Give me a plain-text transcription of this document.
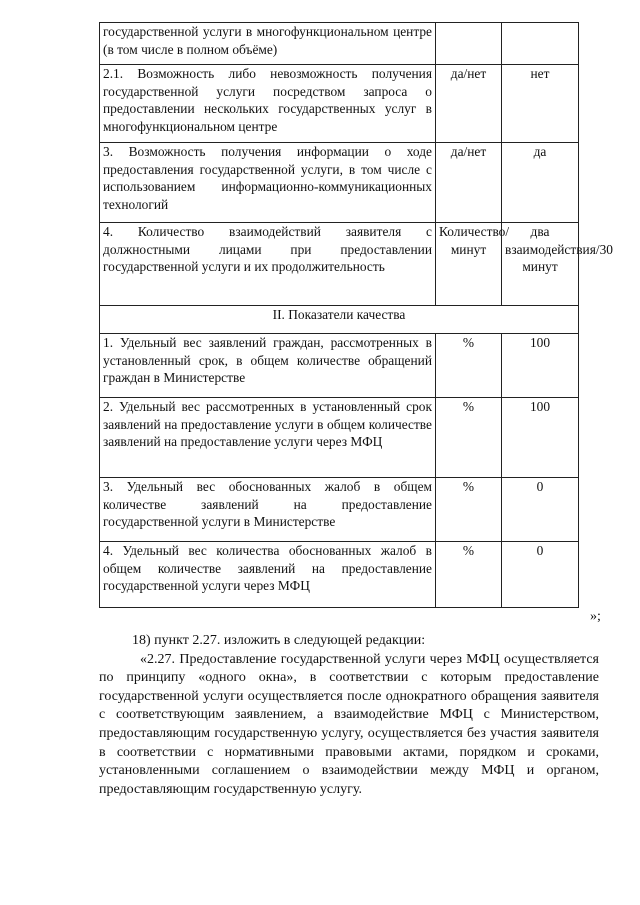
государственной услуги в многофункциональном центре (в том числе в полном объёме)		
2.1. Возможность либо невозможность получения государственной услуги посредством запроса о предоставлении нескольких государственных услуг в многофункциональном центре	да/нет	нет
3. Возможность получения информации о ходе предоставления государственной услуги, в том числе с использованием информационно-коммуникационных технологий	да/нет	да
4. Количество взаимодействий заявителя с должностными лицами при предоставлении государственной услуги и их продолжительность	Количество/минут	два взаимодействия/30 минут
II. Показатели качества		
1. Удельный вес заявлений граждан, рассмотренных в установленный срок, в общем количестве обращений граждан в Министерстве	%	100
2. Удельный вес рассмотренных в установленный срок заявлений на предоставление услуги в общем количестве заявлений на предоставление услуги через МФЦ	%	100
3. Удельный вес обоснованных жалоб в общем количестве заявлений на предоставление государственной услуги в Министерстве	%	0
4. Удельный вес количества обоснованных жалоб в общем количестве заявлений на предоставление государственной услуги через МФЦ	%	0
»;

18) пункт 2.27. изложить в следующей редакции:

«2.27. Предоставление государственной услуги через МФЦ осуществляется по принципу «одного окна», в соответствии с которым предоставление государственной услуги осуществляется после однократного обращения заявителя с соответствующим заявлением, а взаимодействие МФЦ с Министерством, предоставляющим государственную услугу, осуществляется без участия заявителя в соответствии с нормативными правовыми актами, порядком и сроками, установленными соглашением о взаимодействии между МФЦ и органом, предоставляющим государственную услугу.
